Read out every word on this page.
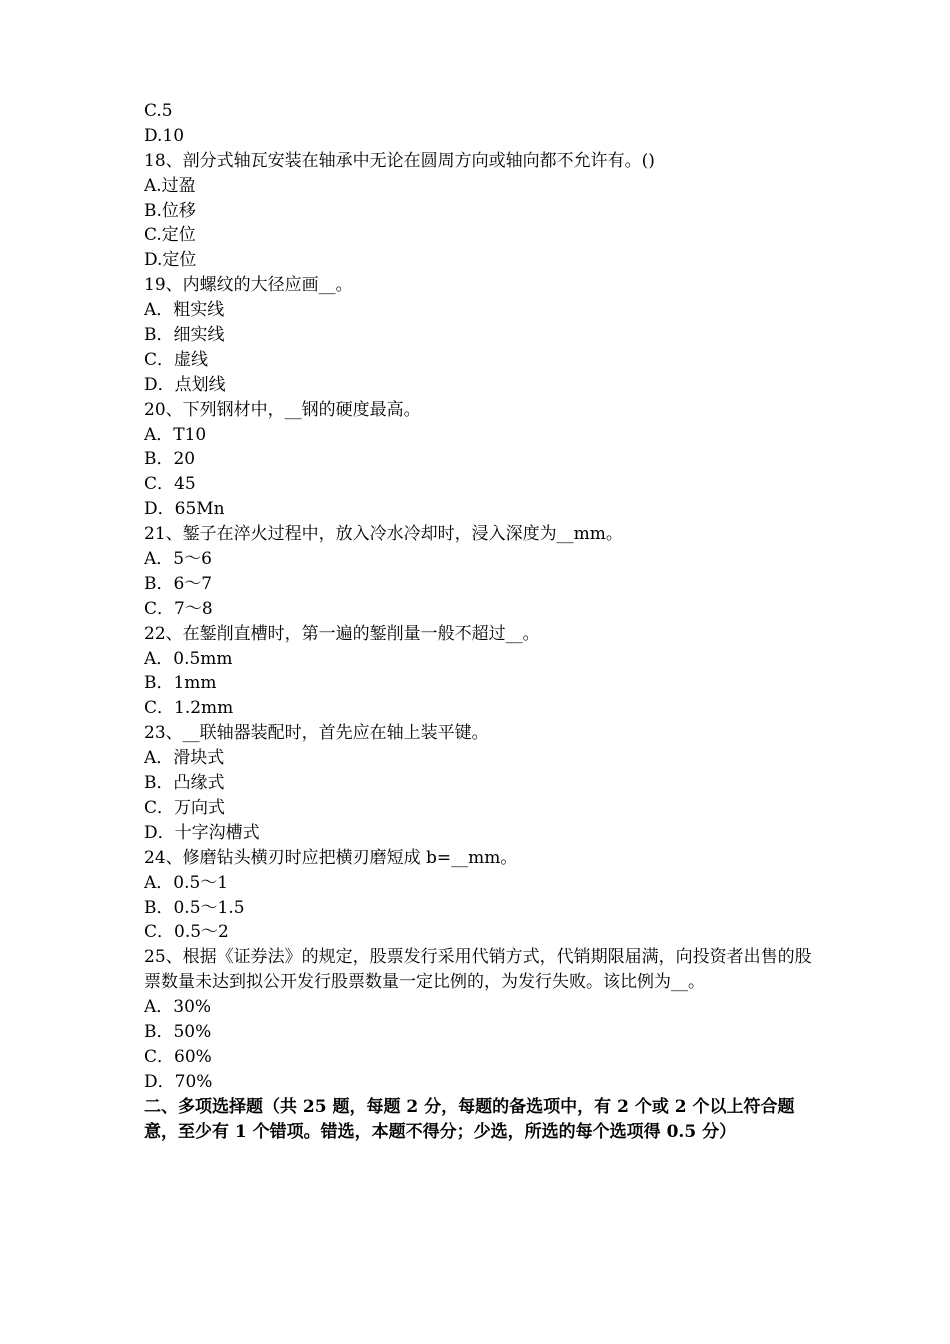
C.5
D.10
18、剖分式轴瓦安装在轴承中无论在圆周方向或轴向都不允许有。()
A.过盈
B.位移
C.定位
D.定位
19、内螺纹的大径应画__。
A．粗实线
B．细实线
C．虚线
D．点划线
20、下列钢材中，__钢的硬度最高。
A．T10
B．20
C．45
D．65Mn
21、錾子在淬火过程中，放入冷水冷却时，浸入深度为__mm。
A．5～6
B．6～7
C．7～8
22、在錾削直槽时，第一遍的錾削量一般不超过__。
A．0.5mm
B．1mm
C．1.2mm
23、__联轴器装配时，首先应在轴上装平键。
A．滑块式
B．凸缘式
C．万向式
D．十字沟槽式
24、修磨钻头横刃时应把横刃磨短成 b=__mm。
A．0.5～1
B．0.5～1.5
C．0.5～2
25、根据《证券法》的规定，股票发行采用代销方式，代销期限届满，向投资者出售的股票数量未达到拟公开发行股票数量一定比例的，为发行失败。该比例为__。
A．30%
B．50%
C．60%
D．70%
二、多项选择题（共 25 题，每题 2 分，每题的备选项中，有 2 个或 2 个以上符合题意，至少有 1 个错项。错选，本题不得分；少选，所选的每个选项得 0.5 分）
